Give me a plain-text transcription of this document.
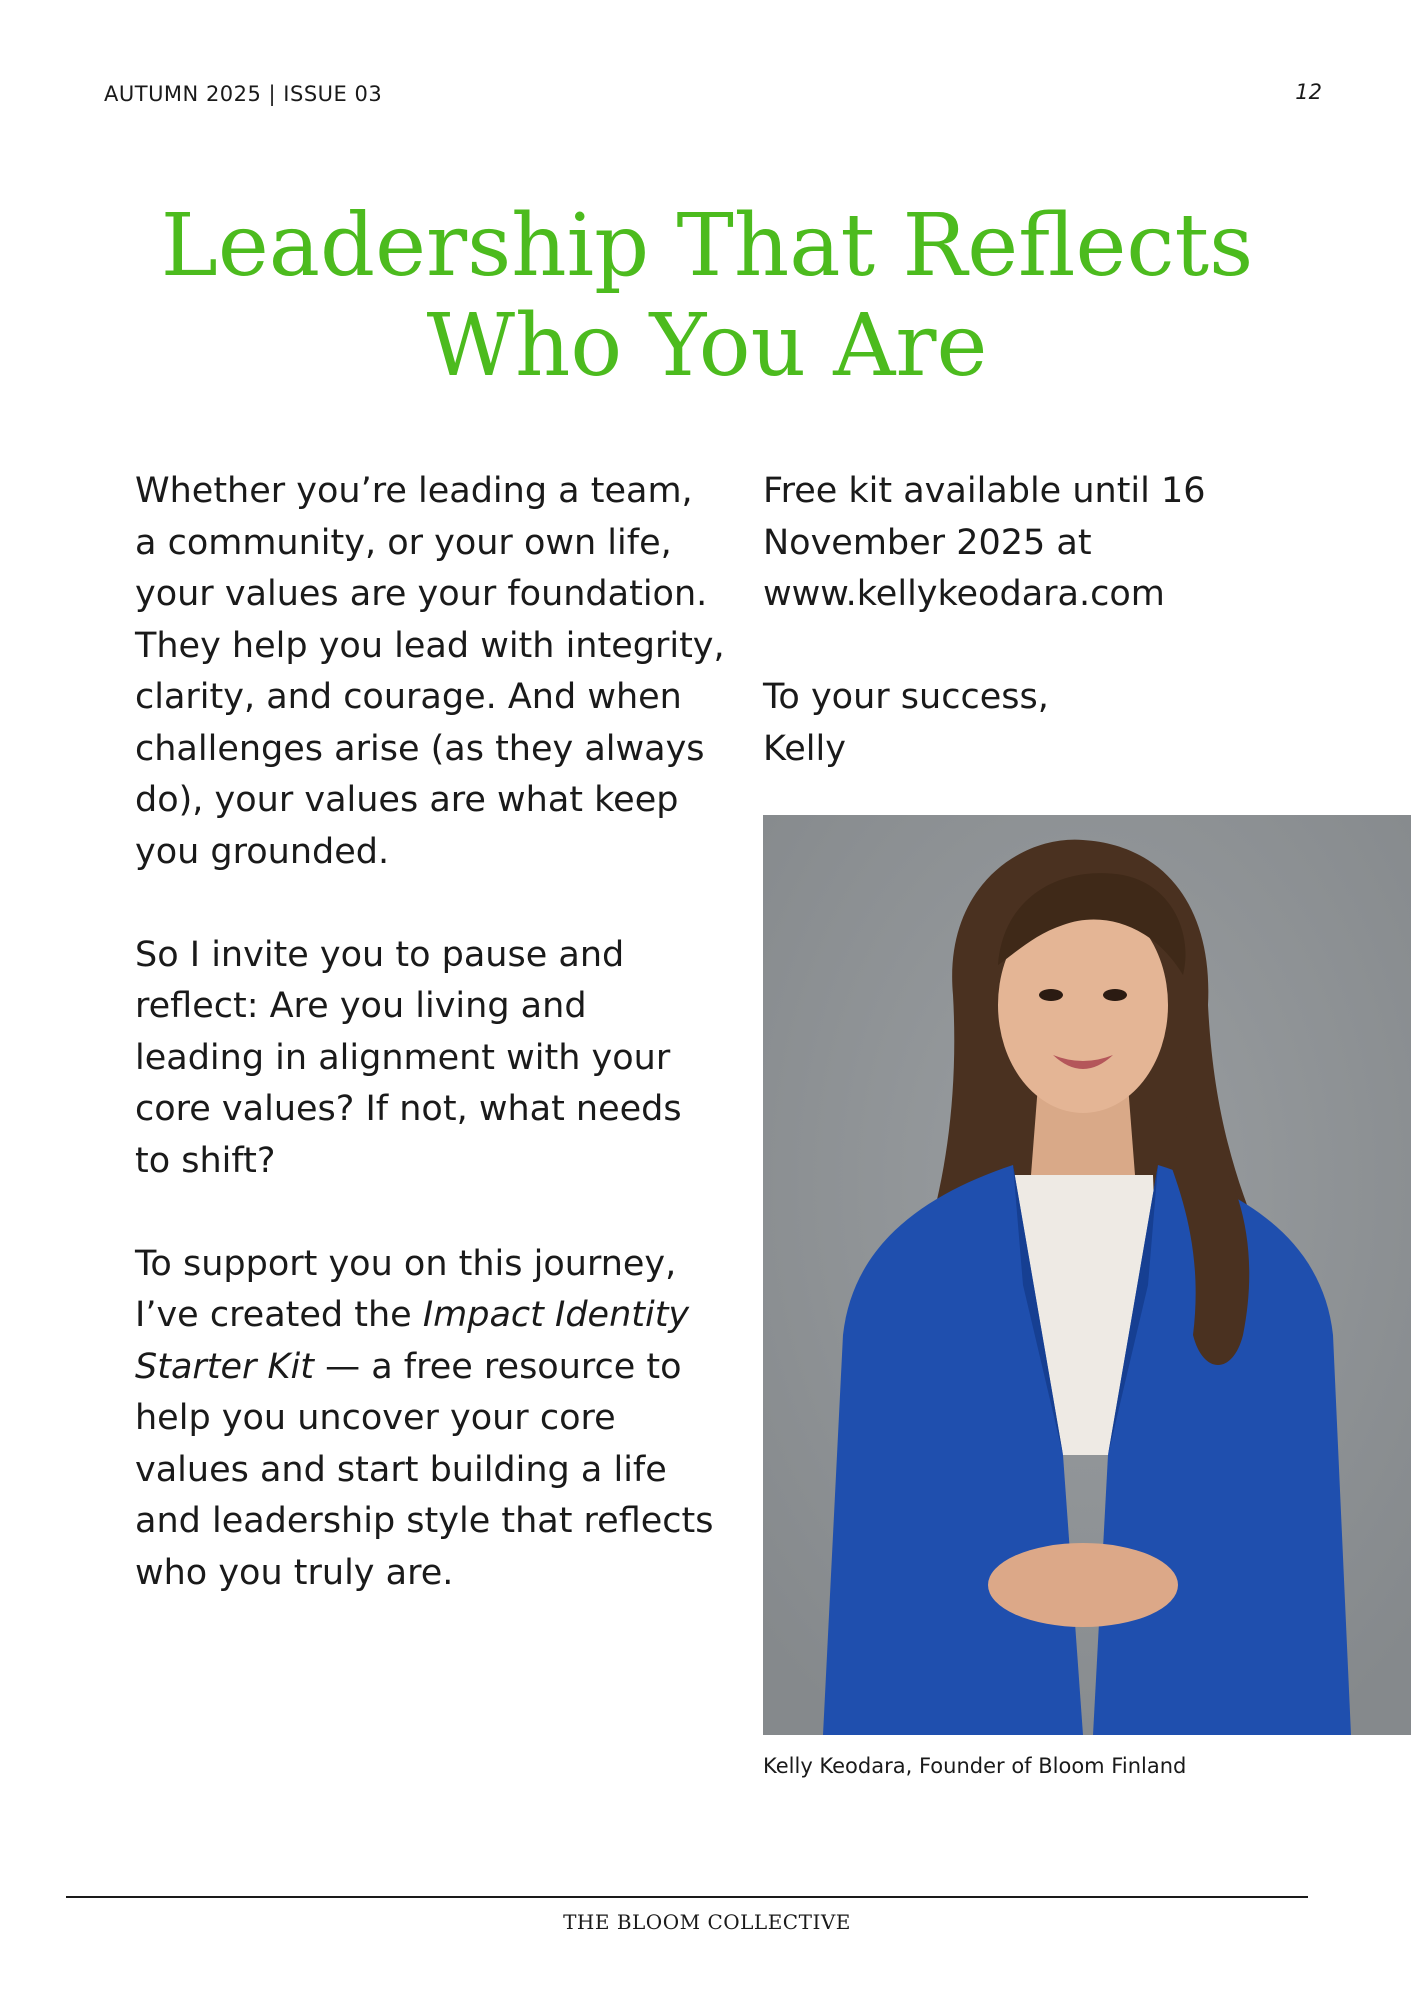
AUTUMN 2025 | ISSUE 03	12
Leadership That Reflects
Who You Are

Whether you’re leading a team, a community, or your own life, your values are your foundation. They help you lead with integrity, clarity, and courage. And when challenges arise (as they always do), your values are what keep you grounded.

So I invite you to pause and reflect: Are you living and leading in alignment with your core values? If not, what needs to shift?

To support you on this journey, I’ve created the Impact Identity Starter Kit — a free resource to help you uncover your core values and start building a life and leadership style that reflects who you truly are.

Free kit available until 16 November 2025 at www.kellykeodara.com

To your success,
Kelly

Kelly Keodara, Founder of Bloom Finland
THE BLOOM COLLECTIVE
